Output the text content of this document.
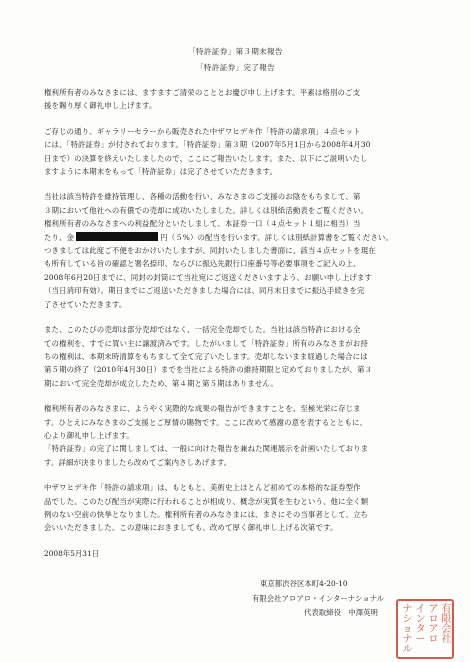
「特許証券」第３期末報告
「特許証券」完了報告
権利所有者のみなさまには、ますますご清栄のこととお慶び申し上げます。平素は格別のご支
援を賜り厚く御礼申し上げます。
ご存じの通り、ギャラリーセラーから販売された中ザワヒデキ作「特許の請求項」４点セット
には、「特許証券」が付されております。「特許証券」第３期（2007年5月1日から2008年4月30
日まで）の決算を終えいたしましたので、ここにご報告いたします。また、以下にご説明いたし
ますように本期末をもって「特許証券」は完了させていただきます。
当社は該当特許を維持管理し、各種の活動を行い、みなさまのご支援のお陰をもちまして、第
３期において他社への有償での売却に成功いたしました。詳しくは別紙活動表をご覧ください。
権利所有者のみなさまへの利益配分といたしまして、本証券一口（４点セット１組に相当）当
たり、金	円（５%）の配当を行います。詳しくは別紙計算書をご覧ください。
つきましては此度ご不便をおかけいたしますが、同封いたしました書面に、該当４点セットを現在
も所有している旨の確認と署名捺印、ならびに振込先銀行口座番号等必要事項をご記入の上、
2008年6月20日までに、同封の封筒にて当社宛にご返送くださいますよう、お願い申し上げます
（当日消印有効）。期日までにご返送いただきました場合には、同月末日までに振込手続きを完
了させていただきます。
また、このたびの売却は部分売却ではなく、一括完全売却でした。当社は該当特許における全
ての権利を、すでに買い主に譲渡済みです。したがいまして「特許証券」所有のみなさまがお持
ちの権利は、本期末時清算をもちまして全て完了いたします。売却しないまま経過した場合には
第５期の終了（2010年4月30日）までを当社による特許の維持期限と定めておりましたが、第３
期において完全売却が成立したため、第４期と第５期はありません。
権利所有者のみなさまに、ようやく実際的な成果の報告ができますことを、至極光栄に存じま
す。ひとえにみなさまのご支援とご厚情の賜物です。ここに改めて感謝の意を表するとともに、
心より御礼申し上げます。
「特許証券」の完了に関しましては、一般に向けた報告を兼ねた関連展示を計画いたしておりま
す。詳細が決まりましたら改めてご案内さしあげます。
中ザワヒデキ作「特許の請求項」は、もともと、美術史上ほとんど初めての本格的な証券型作
品でした。このたび配当が実際に行われることが相成り、概念が実質を生むという、他に全く類
例のない空前の快挙となりました。権利所有者のみなさまには、まさにその当事者として、立ち
会いいただきました。この意味におきましても、改めて厚く御礼申し上げる次第です。
2008年5月31日
東京都渋谷区本町4-20-10
有限会社アロアロ・インターナショナル
代表取締役　中澤英明	有限会社
アロアロ
インター
ナショナル
